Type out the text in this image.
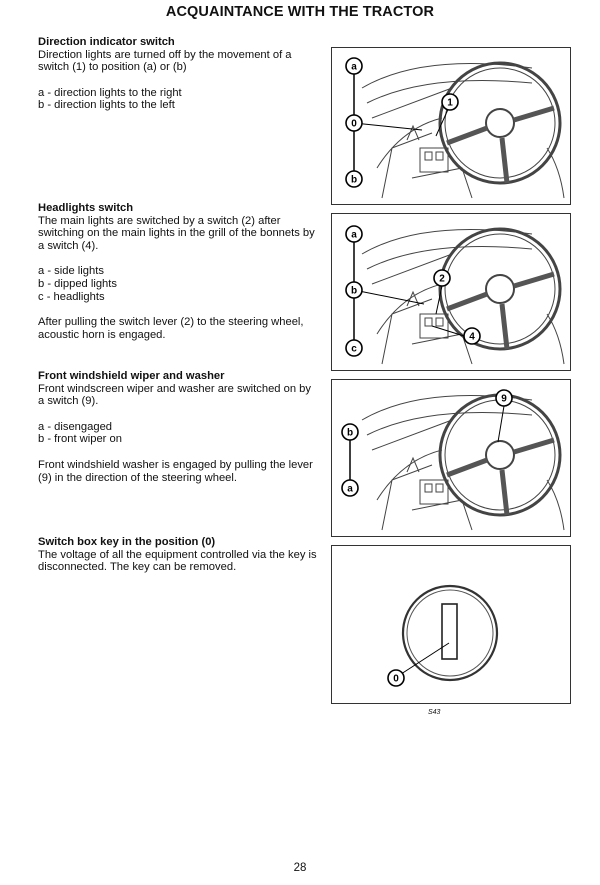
ACQUAINTANCE WITH THE TRACTOR
Direction indicator switch

Direction lights are turned off by the movement of a switch (1) to position (a) or (b)

a - direction lights to the right

b - direction lights to the left

Headlights switch

The main lights are switched by a switch (2) after switching on the main lights in the grill of the bonnets by a switch (4).

a - side lights

b - dipped lights

c - headlights

After pulling the switch lever (2) to the steering wheel, acoustic horn is engaged.

Front windshield wiper and washer

Front windscreen wiper and washer are switched on by a switch (9).

a - disengaged

b - front wiper on

Front windshield washer is engaged by pulling the lever (9) in the direction of the steering wheel.

Switch box key in the position (0)

The voltage of all the equipment controlled via the key is disconnected. The key can be removed.

a
0
b
1
a
b
c
2
4
b
a
9
0
S43
28
